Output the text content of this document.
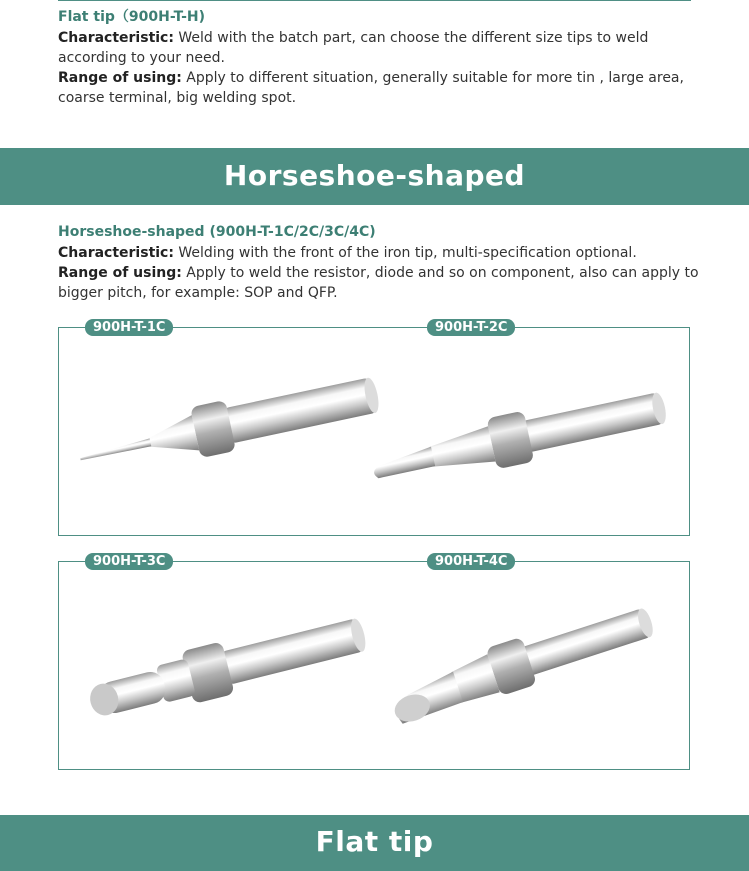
Flat tip（900H-T-H)

Characteristic: Weld with the batch part, can choose the different size tips to weld according to your need.

Range of using: Apply to different situation, generally suitable for more tin , large area, coarse terminal, big welding spot.

Horseshoe-shaped

Horseshoe-shaped (900H-T-1C/2C/3C/4C)

Characteristic: Welding with the front of the iron tip, multi-specification optional.

Range of using: Apply to weld the resistor, diode and so on component, also can apply to bigger pitch, for example: SOP and QFP.

900H-T-1C	900H-T-2C
900H-T-3C	900H-T-4C
Flat tip
